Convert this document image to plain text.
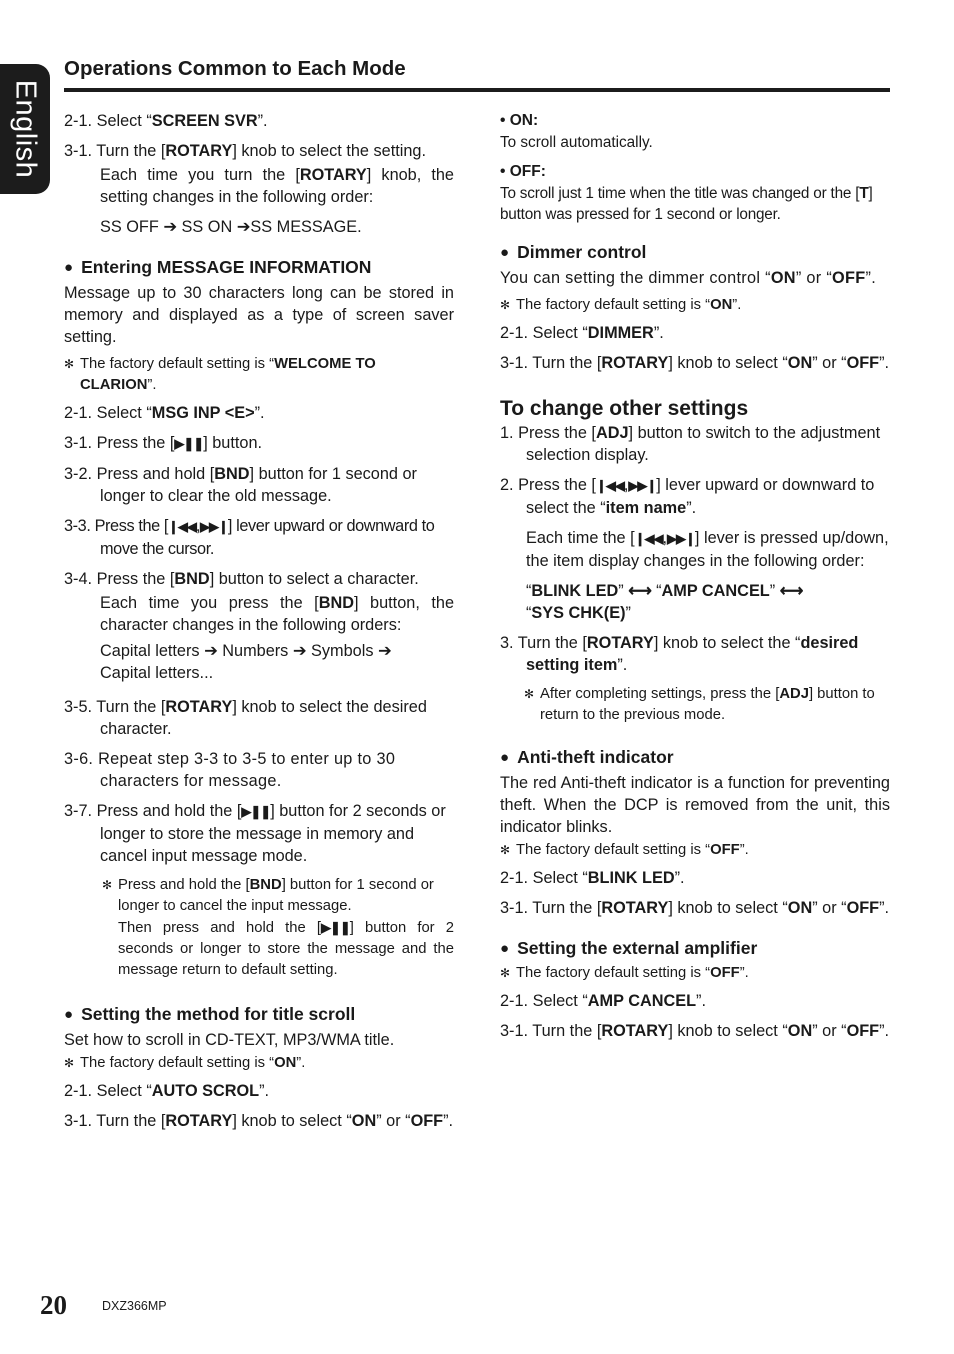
English
Operations Common to Each Mode

2-1. Select “SCREEN SVR”.

3-1. Turn the [ROTARY] knob to select the setting.

Each time you turn the [ROTARY] knob, the setting changes in the following order:

SS OFF ➔ SS ON ➔SS MESSAGE.

● Entering MESSAGE INFORMATION

Message up to 30 characters long can be stored in memory and displayed as a type of screen saver setting.

✻ The factory default setting is “WELCOME TO CLARION”.

2-1. Select “MSG INP <E>”.

3-1. Press the [▶❚❚] button.

3-2. Press and hold [BND] button for 1 second or longer to clear the old message.

3-3. Press the [❙◀◀,▶▶❙] lever upward or downward to move the cursor.

3-4. Press the [BND] button to select a character.

Each time you press the [BND] button, the character changes in the following orders:

Capital letters ➔ Numbers ➔ Symbols ➔
Capital letters...

3-5. Turn the [ROTARY] knob to select the desired character.

3-6. Repeat step 3-3 to 3-5 to enter up to 30 characters for message.

3-7. Press and hold the [▶❚❚] button for 2 seconds or longer to store the message in memory and cancel input message mode.

✻ Press and hold the [BND] button for 1 second or longer to cancel the input message.

Then press and hold the [▶❚❚] button for 2 seconds or longer to store the message and the message return to default setting.

● Setting the method for title scroll

Set how to scroll in CD-TEXT, MP3/WMA title.

✻ The factory default setting is “ON”.

2-1. Select “AUTO SCROL”.

3-1. Turn the [ROTARY] knob to select “ON” or “OFF”.

• ON:

To scroll automatically.

• OFF:

To scroll just 1 time when the title was changed or the [T] button was pressed for 1 second or longer.

● Dimmer control

You can setting the dimmer control “ON” or “OFF”.

✻ The factory default setting is “ON”.

2-1. Select “DIMMER”.

3-1. Turn the [ROTARY] knob to select “ON” or “OFF”.

To change other settings

1. Press the [ADJ] button to switch to the adjustment selection display.

2. Press the [❙◀◀,▶▶❙] lever upward or downward to select the “item name”.

Each time the [❙◀◀,▶▶❙] lever is pressed up/down, the item display changes in the following order:

“BLINK LED” ⟷ “AMP CANCEL” ⟷
“SYS CHK(E)”

3. Turn the [ROTARY] knob to select the “desired setting item”.

✻ After completing settings, press the [ADJ] button to return to the previous mode.

● Anti-theft indicator

The red Anti-theft indicator is a function for preventing theft. When the DCP is removed from the unit, this indicator blinks.

✻ The factory default setting is “OFF”.

2-1. Select “BLINK LED”.

3-1. Turn the [ROTARY] knob to select “ON” or “OFF”.

● Setting the external amplifier

✻ The factory default setting is “OFF”.

2-1. Select “AMP CANCEL”.

3-1. Turn the [ROTARY] knob to select “ON” or “OFF”.

20	DXZ366MP
